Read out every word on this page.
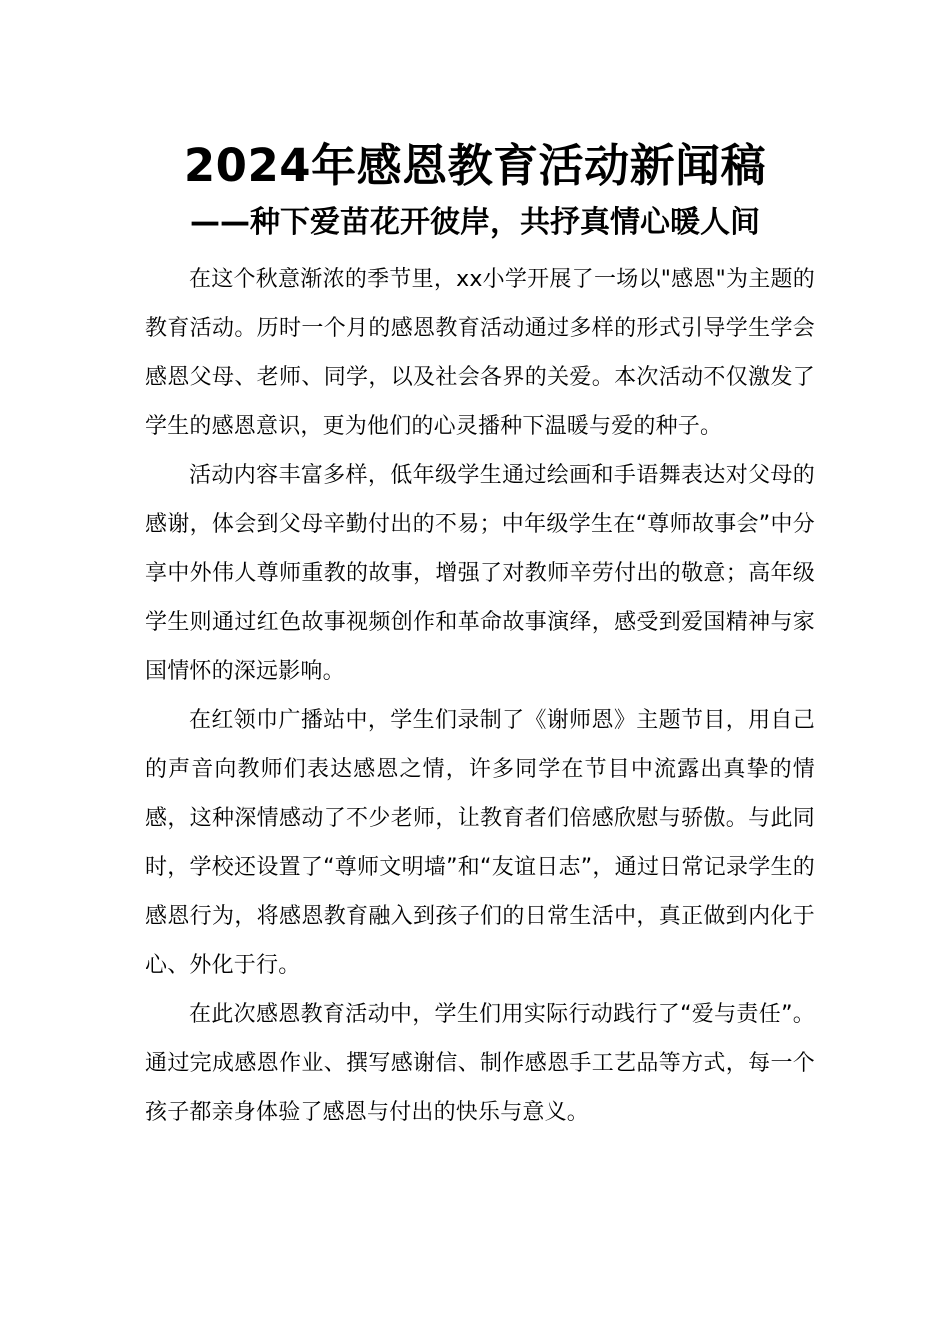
2024年感恩教育活动新闻稿
——种下爱苗花开彼岸，共抒真情心暖人间

在这个秋意渐浓的季节里，xx小学开展了一场以"感恩"为主题的教育活动。历时一个月的感恩教育活动通过多样的形式引导学生学会感恩父母、老师、同学，以及社会各界的关爱。本次活动不仅激发了学生的感恩意识，更为他们的心灵播种下温暖与爱的种子。

活动内容丰富多样，低年级学生通过绘画和手语舞表达对父母的感谢，体会到父母辛勤付出的不易；中年级学生在“尊师故事会”中分享中外伟人尊师重教的故事，增强了对教师辛劳付出的敬意；高年级学生则通过红色故事视频创作和革命故事演绎，感受到爱国精神与家国情怀的深远影响。

在红领巾广播站中，学生们录制了《谢师恩》主题节目，用自己的声音向教师们表达感恩之情，许多同学在节目中流露出真挚的情感，这种深情感动了不少老师，让教育者们倍感欣慰与骄傲。与此同时，学校还设置了“尊师文明墙”和“友谊日志”，通过日常记录学生的感恩行为，将感恩教育融入到孩子们的日常生活中，真正做到内化于心、外化于行。

在此次感恩教育活动中，学生们用实际行动践行了“爱与责任”。通过完成感恩作业、撰写感谢信、制作感恩手工艺品等方式，每一个孩子都亲身体验了感恩与付出的快乐与意义。
